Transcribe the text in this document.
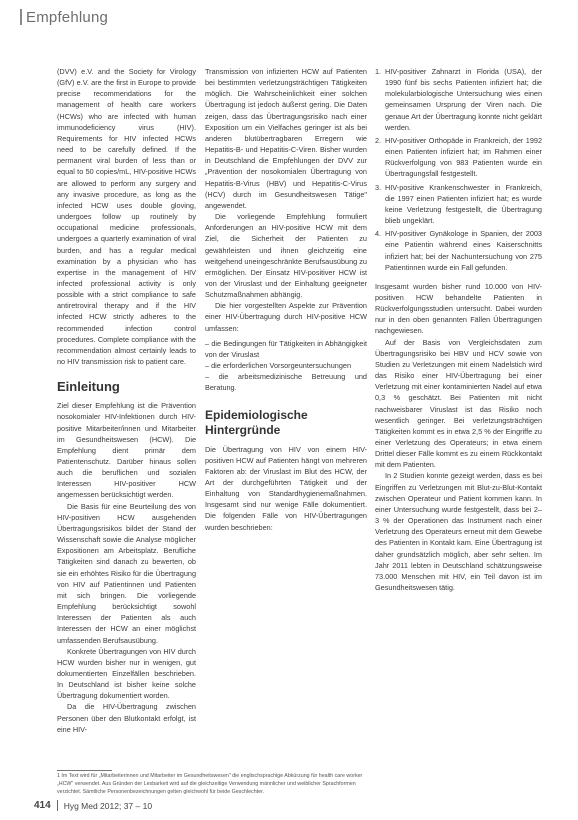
Empfehlung

(DVV) e.V. and the Society for Virology (GfV) e.V. are the first in Europe to provide precise recommendations for the management of health care workers (HCWs) who are infected with human immunodeficiency virus (HIV). Requirements for HIV infected HCWs need to be carefully defined. If the permanent viral burden of less than or equal to 50 copies/mL, HIV-positive HCWs are allowed to perform any surgery and any invasive procedure, as long as the infected HCW uses double gloving, undergoes follow up routinely by occupational medicine professionals, undergoes a quarterly examination of viral burden, and has a regular medical examination by a physician who has expertise in the management of HIV infected professional activity is only possible with a strict compliance to safe antiretroviral therapy and if the HIV infected HCW strictly adheres to the recommended infection control procedures. Complete compliance with the recommendation almost certainly leads to no HIV transmission risk to patient care.

Einleitung

Ziel dieser Empfehlung ist die Prävention nosokomialer HIV-Infektionen durch HIV-positive Mitarbeiter/innen und Mitarbeiter im Gesundheitswesen (HCW). Die Empfehlung dient primär dem Patientenschutz. Darüber hinaus sollen auch die beruflichen und sozialen Interessen HIV-positiver HCW angemessen berücksichtigt werden.

Die Basis für eine Beurteilung des von HIV-positiven HCW ausgehenden Übertragungsrisikos bildet der Stand der Wissenschaft sowie die Analyse möglicher Expositionen am Arbeitsplatz. Berufliche Tätigkeiten sind danach zu bewerten, ob sie ein erhöhtes Risiko für die Übertragung von HIV auf Patientinnen und Patienten mit sich bringen. Die vorliegende Empfehlung berücksichtigt sowohl Interessen der Patienten als auch Interessen der HCW an einer möglichst umfassenden Berufsausübung.

Konkrete Übertragungen von HIV durch HCW wurden bisher nur in wenigen, gut dokumentierten Einzelfällen beschrieben. In Deutschland ist bisher keine solche Übertragung dokumentiert worden.

Da die HIV-Übertragung zwischen Personen über den Blutkontakt erfolgt, ist eine HIV-

Transmission von infizierten HCW auf Patienten bei bestimmten verletzungsträchtigen Tätigkeiten möglich. Die Wahrscheinlichkeit einer solchen Übertragung ist jedoch äußerst gering. Die Daten zeigen, dass das Übertragungsrisiko nach einer Exposition um ein Vielfaches geringer ist als bei anderen blutübertragbaren Erregern wie Hepatitis-B- und Hepatitis-C-Viren. Bisher wurden in Deutschland die Empfehlungen der DVV zur „Prävention der nosokomialen Übertragung von Hepatitis-B-Virus (HBV) und Hepatitis-C-Virus (HCV) durch im Gesundheitswesen Tätige" angewendet.

Die vorliegende Empfehlung formuliert Anforderungen an HIV-positive HCW mit dem Ziel, die Sicherheit der Patienten zu gewährleisten und ihnen gleichzeitig eine weitgehend uneingeschränkte Berufsausübung zu ermöglichen. Der Einsatz HIV-positiver HCW ist von der Viruslast und der Einhaltung geeigneter Schutzmaßnahmen abhängig.

Die hier vorgestellten Aspekte zur Prävention einer HIV-Übertragung durch HIV-positive HCW umfassen:

– die Bedingungen für Tätigkeiten in Abhängigkeit von der Viruslast
– die erforderlichen Vorsorgeuntersuchungen
– die arbeitsmedizinische Betreuung und Beratung.
Epidemiologische Hintergründe

Die Übertragung von HIV von einem HIV-positiven HCW auf Patienten hängt von mehreren Faktoren ab: der Viruslast im Blut des HCW, der Art der durchgeführten Tätigkeit und der Einhaltung von Standardhygienemaßnahmen. Insgesamt sind nur wenige Fälle dokumentiert. Die folgenden Fälle von HIV-Übertragungen wurden beschrieben:

1. HIV-positiver Zahnarzt in Florida (USA), der 1990 fünf bis sechs Patienten infiziert hat; die molekularbiologische Untersuchung wies einen gemeinsamen Ursprung der Viren nach. Die genaue Art der Übertragung konnte nicht geklärt werden.
2. HIV-positiver Orthopäde in Frankreich, der 1992 einen Patienten infiziert hat; im Rahmen einer Rückverfolgung von 983 Patienten wurde ein Übertragungsfall festgestellt.
3. HIV-positive Krankenschwester in Frankreich, die 1997 einen Patienten infiziert hat; es wurde keine Verletzung festgestellt, die Übertragung blieb ungeklärt.
4. HIV-positiver Gynäkologe in Spanien, der 2003 eine Patientin während eines Kaiserschnitts infiziert hat; bei der Nachuntersuchung von 275 Patientinnen wurde ein Fall gefunden.

Insgesamt wurden bisher rund 10.000 von HIV-positiven HCW behandelte Patienten in Rückverfolgungsstudien untersucht. Dabei wurden nur in den oben genannten Fällen Übertragungen nachgewiesen.

Auf der Basis von Vergleichsdaten zum Übertragungsrisiko bei HBV und HCV sowie von Studien zu Verletzungen mit einem Nadelstich wird das Risiko einer HIV-Übertragung bei einer Verletzung mit einer kontaminierten Nadel auf etwa 0,3 % geschätzt. Bei Patienten mit nicht nachweisbarer Viruslast ist das Risiko noch wesentlich geringer. Bei verletzungsträchtigen Tätigkeiten kommt es in etwa 2,5 % der Eingriffe zu einer Verletzung des Operateurs; in etwa einem Drittel dieser Fälle kommt es zu einem Rückkontakt mit dem Patienten.

In 2 Studien konnte gezeigt werden, dass es bei Eingriffen zu Verletzungen mit Blut-zu-Blut-Kontakt zwischen Operateur und Patient kommen kann. In einer Untersuchung wurde festgestellt, dass bei 2–3 % der Operationen das Instrument nach einer Verletzung des Operateurs erneut mit dem Gewebe des Patienten in Kontakt kam. Eine Übertragung ist daher grundsätzlich möglich, aber sehr selten. Im Jahr 2011 lebten in Deutschland schätzungsweise 73.000 Menschen mit HIV, ein Teil davon ist im Gesundheitswesen tätig.

1 Im Text wird für „Mitarbeiterinnen und Mitarbeiter im Gesundheitswesen" die englischsprachige Abkürzung für health care worker „HCW" verwendet. Aus Gründen der Lesbarkeit wird auf die gleichzeitige Verwendung männlicher und weiblicher Sprachformen verzichtet. Sämtliche Personenbezeichnungen gelten gleichwohl für beide Geschlechter.
414 Hyg Med 2012; 37 – 10
